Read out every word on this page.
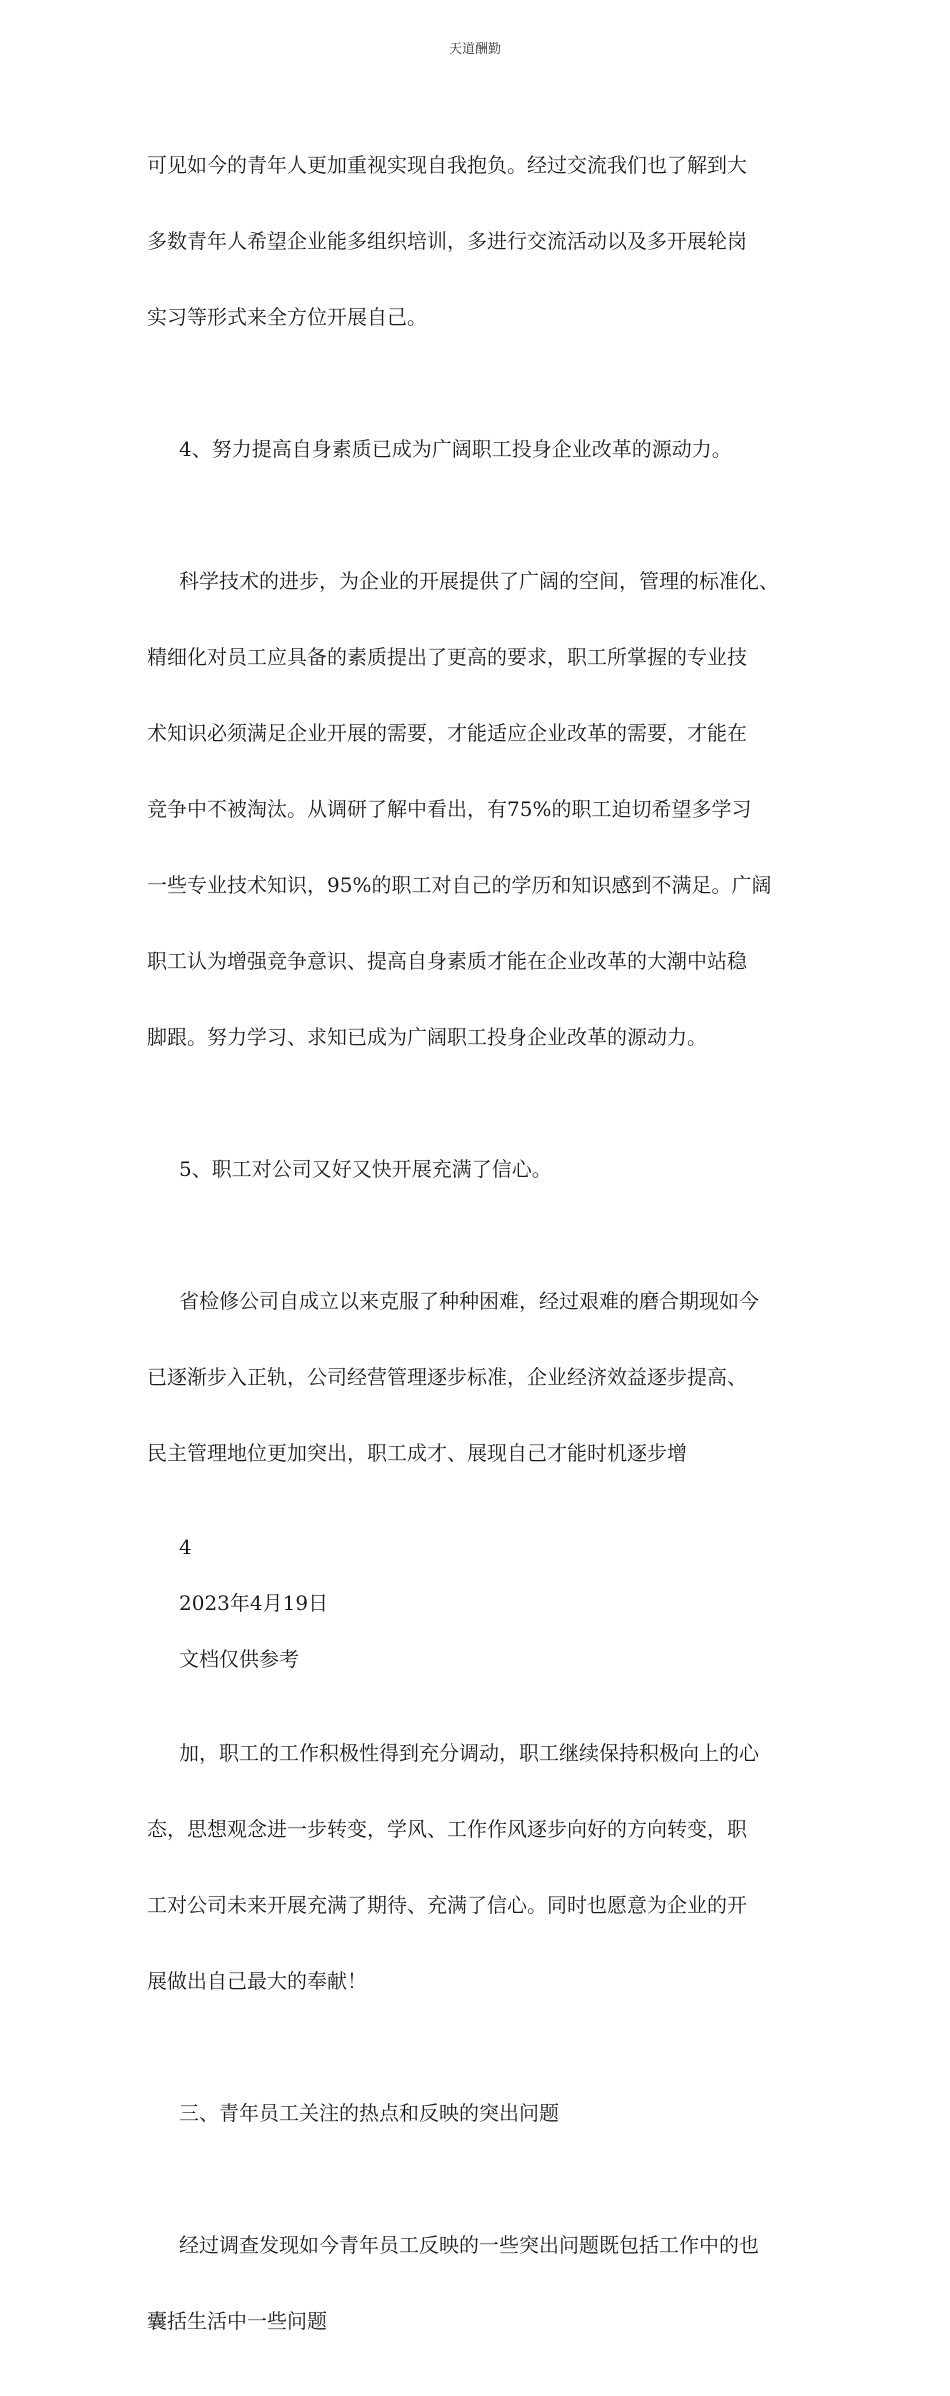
天道酬勤

可见如今的青年人更加重视实现自我抱负。经过交流我们也了解到大

多数青年人希望企业能多组织培训，多进行交流活动以及多开展轮岗

实习等形式来全方位开展自己。

4、努力提高自身素质已成为广阔职工投身企业改革的源动力。

科学技术的进步，为企业的开展提供了广阔的空间，管理的标准化、

精细化对员工应具备的素质提出了更高的要求，职工所掌握的专业技

术知识必须满足企业开展的需要，才能适应企业改革的需要，才能在

竞争中不被淘汰。从调研了解中看出，有75%的职工迫切希望多学习

一些专业技术知识，95%的职工对自己的学历和知识感到不满足。广阔

职工认为增强竞争意识、提高自身素质才能在企业改革的大潮中站稳

脚跟。努力学习、求知已成为广阔职工投身企业改革的源动力。

5、职工对公司又好又快开展充满了信心。

省检修公司自成立以来克服了种种困难，经过艰难的磨合期现如今

已逐渐步入正轨，公司经营管理逐步标准，企业经济效益逐步提高、

民主管理地位更加突出，职工成才、展现自己才能时机逐步增

4
2023年4月19日
文档仅供参考

加，职工的工作积极性得到充分调动，职工继续保持积极向上的心

态，思想观念进一步转变，学风、工作作风逐步向好的方向转变，职

工对公司未来开展充满了期待、充满了信心。同时也愿意为企业的开

展做出自己最大的奉献！

三、青年员工关注的热点和反映的突出问题

经过调查发现如今青年员工反映的一些突出问题既包括工作中的也

囊括生活中一些问题
